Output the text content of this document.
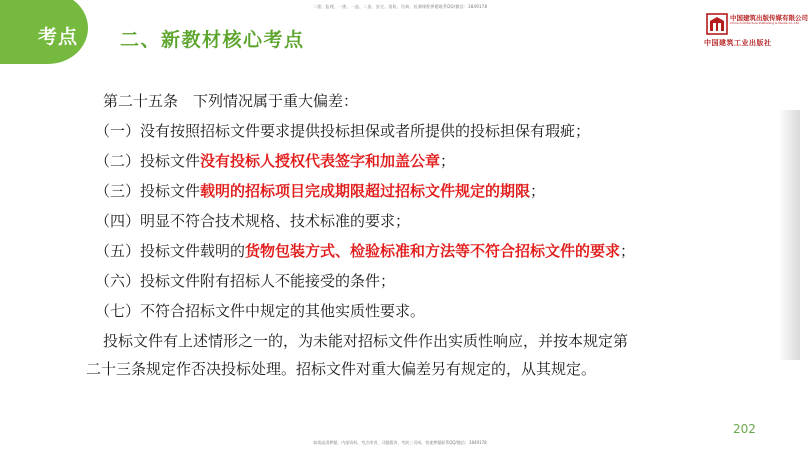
二建、监理、一建、一造、二造、安全、消防、咨询、检测课程押题联系QQ/微信：3849178
考点 二、新教材核心考点
中国建筑出版传媒有限公司
China Architecture Publishing & Media Co.,Ltd
中国建筑工业出版社
第二十五条　下列情况属于重大偏差：
（一）没有按照招标文件要求提供投标担保或者所提供的投标担保有瑕疵；
（二）投标文件没有投标人授权代表签字和加盖公章；
（三）投标文件载明的招标项目完成期限超过招标文件规定的期限；
（四）明显不符合技术规格、技术标准的要求；
（五）投标文件载明的货物包装方式、检验标准和方法等不符合招标文件的要求；
（六）投标文件附有招标人不能接受的条件；
（七）不符合招标文件中规定的其他实质性要求。
投标文件有上述情形之一的，为未能对招标文件作出实质性响应，并按本规定第
二十三条规定作否决投标处理。招标文件对重大偏差另有规定的，从其规定。
202
如需高清押题、内部资料、考点串讲、习题精讲、考前三页纸、快速押题联系QQ/微信：3849178
